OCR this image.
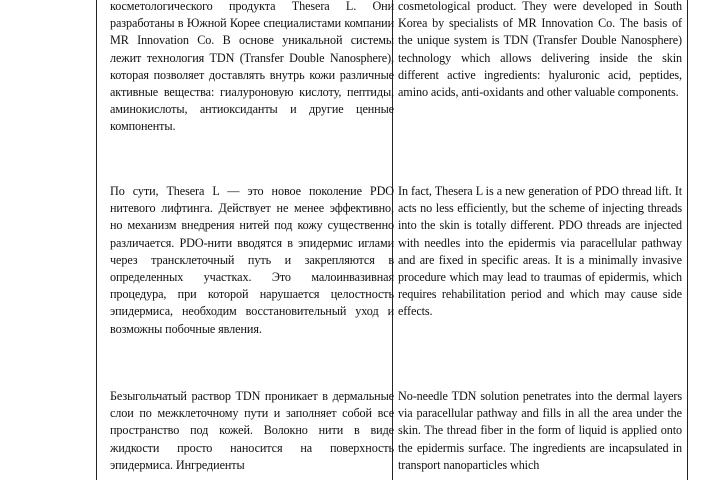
косметологического продукта Thesera L. Они разработаны в Южной Корее специалистами компании MR Innovation Co. В основе уникальной системы лежит технология TDN (Transfer Double Nanosphere), которая позволяет доставлять внутрь кожи различные активные вещества: гиалуроновую кислоту, пептиды, аминокислоты, антиоксиданты и другие ценные компоненты.
cosmetological product. They were developed in South Korea by specialists of MR Innovation Co. The basis of the unique system is TDN (Transfer Double Nanosphere) technology which allows delivering inside the skin different active ingredients: hyaluronic acid, peptides, amino acids, anti-oxidants and other valuable components.
По сути, Thesera L — это новое поколение PDO нитевого лифтинга. Действует не менее эффективно, но механизм внедрения нитей под кожу существенно различается. PDO-нити вводятся в эпидермис иглами через трансклеточный путь и закрепляются в определенных участках. Это малоинвазивная процедура, при которой нарушается целостность эпидермиса, необходим восстановительный уход и возможны побочные явления.
In fact, Thesera L is a new generation of PDO thread lift. It acts no less efficiently, but the scheme of injecting threads into the skin is totally different. PDO threads are injected with needles into the epidermis via paracellular pathway and are fixed in specific areas. It is a minimally invasive procedure which may lead to traumas of epidermis, which requires rehabilitation period and which may cause side effects.
Безыгольчатый раствор TDN проникает в дермальные слои по межклеточному пути и заполняет собой все пространство под кожей. Волокно нити в виде жидкости просто наносится на поверхность эпидермиса. Ингредиенты
No-needle TDN solution penetrates into the dermal layers via paracellular pathway and fills in all the area under the skin. The thread fiber in the form of liquid is applied onto the epidermis surface. The ingredients are incapsulated in transport nanoparticles which
